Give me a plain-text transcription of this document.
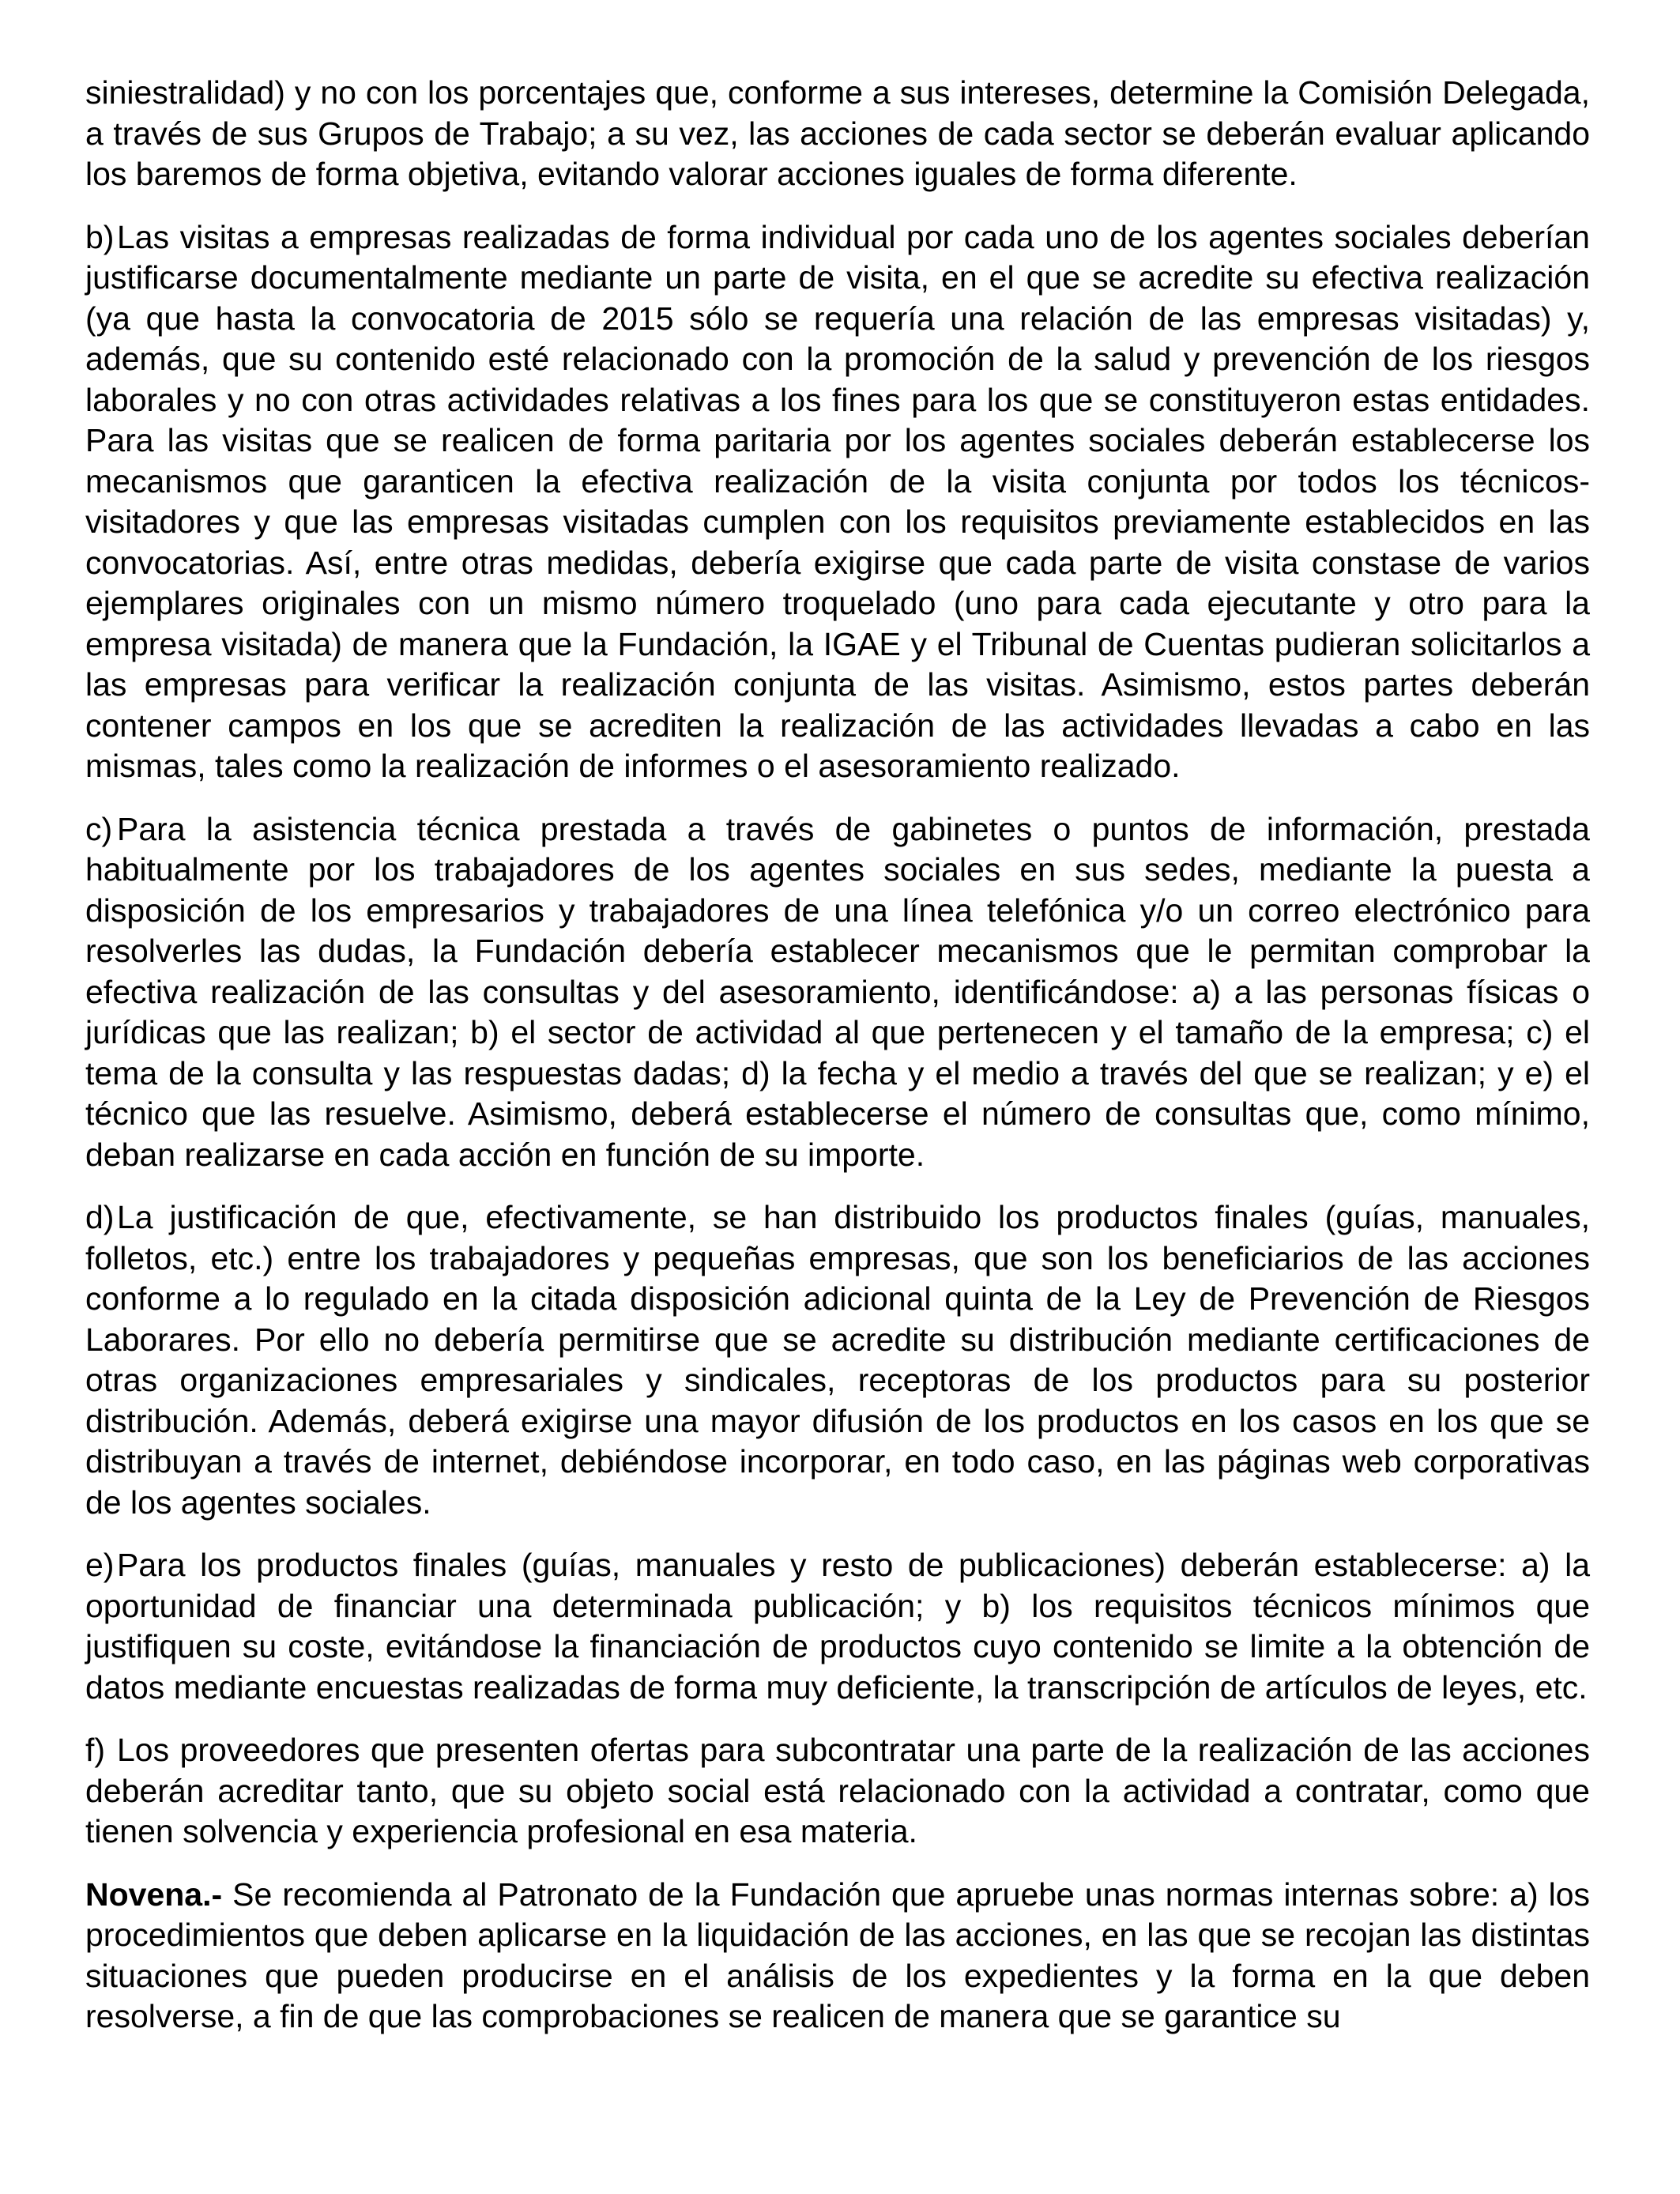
siniestralidad) y no con los porcentajes que, conforme a sus intereses, determine la Comisión Delegada, a través de sus Grupos de Trabajo; a su vez, las acciones de cada sector se deberán evaluar aplicando los baremos de forma objetiva, evitando valorar acciones iguales de forma diferente.

b)Las visitas a empresas realizadas de forma individual por cada uno de los agentes sociales deberían justificarse documentalmente mediante un parte de visita, en el que se acredite su efectiva realización (ya que hasta la convocatoria de 2015 sólo se requería una relación de las empresas visitadas) y, además, que su contenido esté relacionado con la promoción de la salud y prevención de los riesgos laborales y no con otras actividades relativas a los fines para los que se constituyeron estas entidades. Para las visitas que se realicen de forma paritaria por los agentes sociales deberán establecerse los mecanismos que garanticen la efectiva realización de la visita conjunta por todos los técnicos-visitadores y que las empresas visitadas cumplen con los requisitos previamente establecidos en las convocatorias. Así, entre otras medidas, debería exigirse que cada parte de visita constase de varios ejemplares originales con un mismo número troquelado (uno para cada ejecutante y otro para la empresa visitada) de manera que la Fundación, la IGAE y el Tribunal de Cuentas pudieran solicitarlos a las empresas para verificar la realización conjunta de las visitas. Asimismo, estos partes deberán contener campos en los que se acrediten la realización de las actividades llevadas a cabo en las mismas, tales como la realización de informes o el asesoramiento realizado.

c) Para la asistencia técnica prestada a través de gabinetes o puntos de información, prestada habitualmente por los trabajadores de los agentes sociales en sus sedes, mediante la puesta a disposición de los empresarios y trabajadores de una línea telefónica y/o un correo electrónico para resolverles las dudas, la Fundación debería establecer mecanismos que le permitan comprobar la efectiva realización de las consultas y del asesoramiento, identificándose: a) a las personas físicas o jurídicas que las realizan; b) el sector de actividad al que pertenecen y el tamaño de la empresa; c) el tema de la consulta y las respuestas dadas; d) la fecha y el medio a través del que se realizan; y e) el técnico que las resuelve. Asimismo, deberá establecerse el número de consultas que, como mínimo, deban realizarse en cada acción en función de su importe.

d)La justificación de que, efectivamente, se han distribuido los productos finales (guías, manuales, folletos, etc.) entre los trabajadores y pequeñas empresas, que son los beneficiarios de las acciones conforme a lo regulado en la citada disposición adicional quinta de la Ley de Prevención de Riesgos Laborares. Por ello no debería permitirse que se acredite su distribución mediante certificaciones de otras organizaciones empresariales y sindicales, receptoras de los productos para su posterior distribución. Además, deberá exigirse una mayor difusión de los productos en los casos en los que se distribuyan a través de internet, debiéndose incorporar, en todo caso, en las páginas web corporativas de los agentes sociales.

e)Para los productos finales (guías, manuales y resto de publicaciones) deberán establecerse: a) la oportunidad de financiar una determinada publicación; y b) los requisitos técnicos mínimos que justifiquen su coste, evitándose la financiación de productos cuyo contenido se limite a la obtención de datos mediante encuestas realizadas de forma muy deficiente, la transcripción de artículos de leyes, etc.

f) Los proveedores que presenten ofertas para subcontratar una parte de la realización de las acciones deberán acreditar tanto, que su objeto social está relacionado con la actividad a contratar, como que tienen solvencia y experiencia profesional en esa materia.

Novena.- Se recomienda al Patronato de la Fundación que apruebe unas normas internas sobre: a) los procedimientos que deben aplicarse en la liquidación de las acciones, en las que se recojan las distintas situaciones que pueden producirse en el análisis de los expedientes y la forma en la que deben resolverse, a fin de que las comprobaciones se realicen de manera que se garantice su
